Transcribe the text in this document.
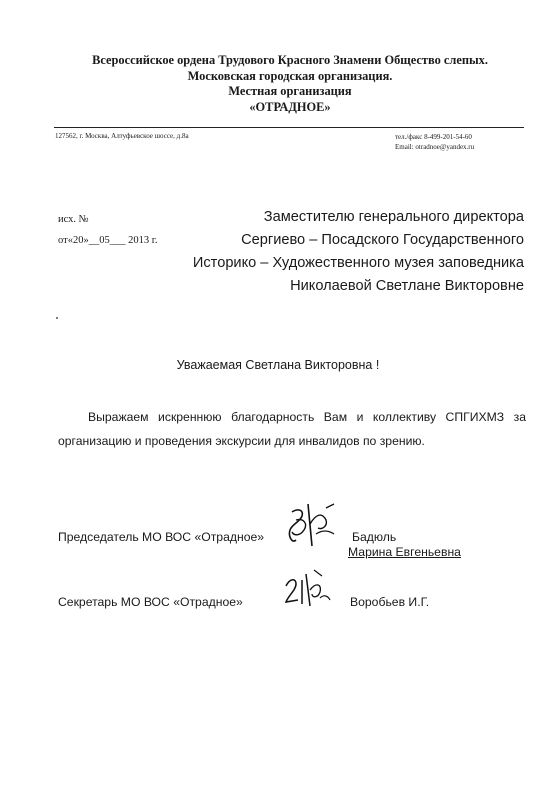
Всероссийское ордена Трудового Красного Знамени Общество слепых.
Московская городская организация.
Местная организация
«ОТРАДНОЕ»
127562, г. Москва, Алтуфьевское шоссе, д.8а	тел./факс 8-499-201-54-60
Email: otradnoe@yandex.ru
исх. №
от«20»__05___ 2013 г.
Заместителю генерального директора
Сергиево – Посадского Государственного
Историко – Художественного музея заповедника
Николаевой Светлане Викторовне
Уважаемая Светлана Викторовна !
Выражаем искреннюю благодарность Вам и коллективу СПГИХМЗ за
организацию и проведения экскурсии для инвалидов по зрению.
Председатель МО ВОС «Отрадное»	Бадюль
Марина Евгеньевна
Секретарь МО ВОС «Отрадное»	Воробьев И.Г.
